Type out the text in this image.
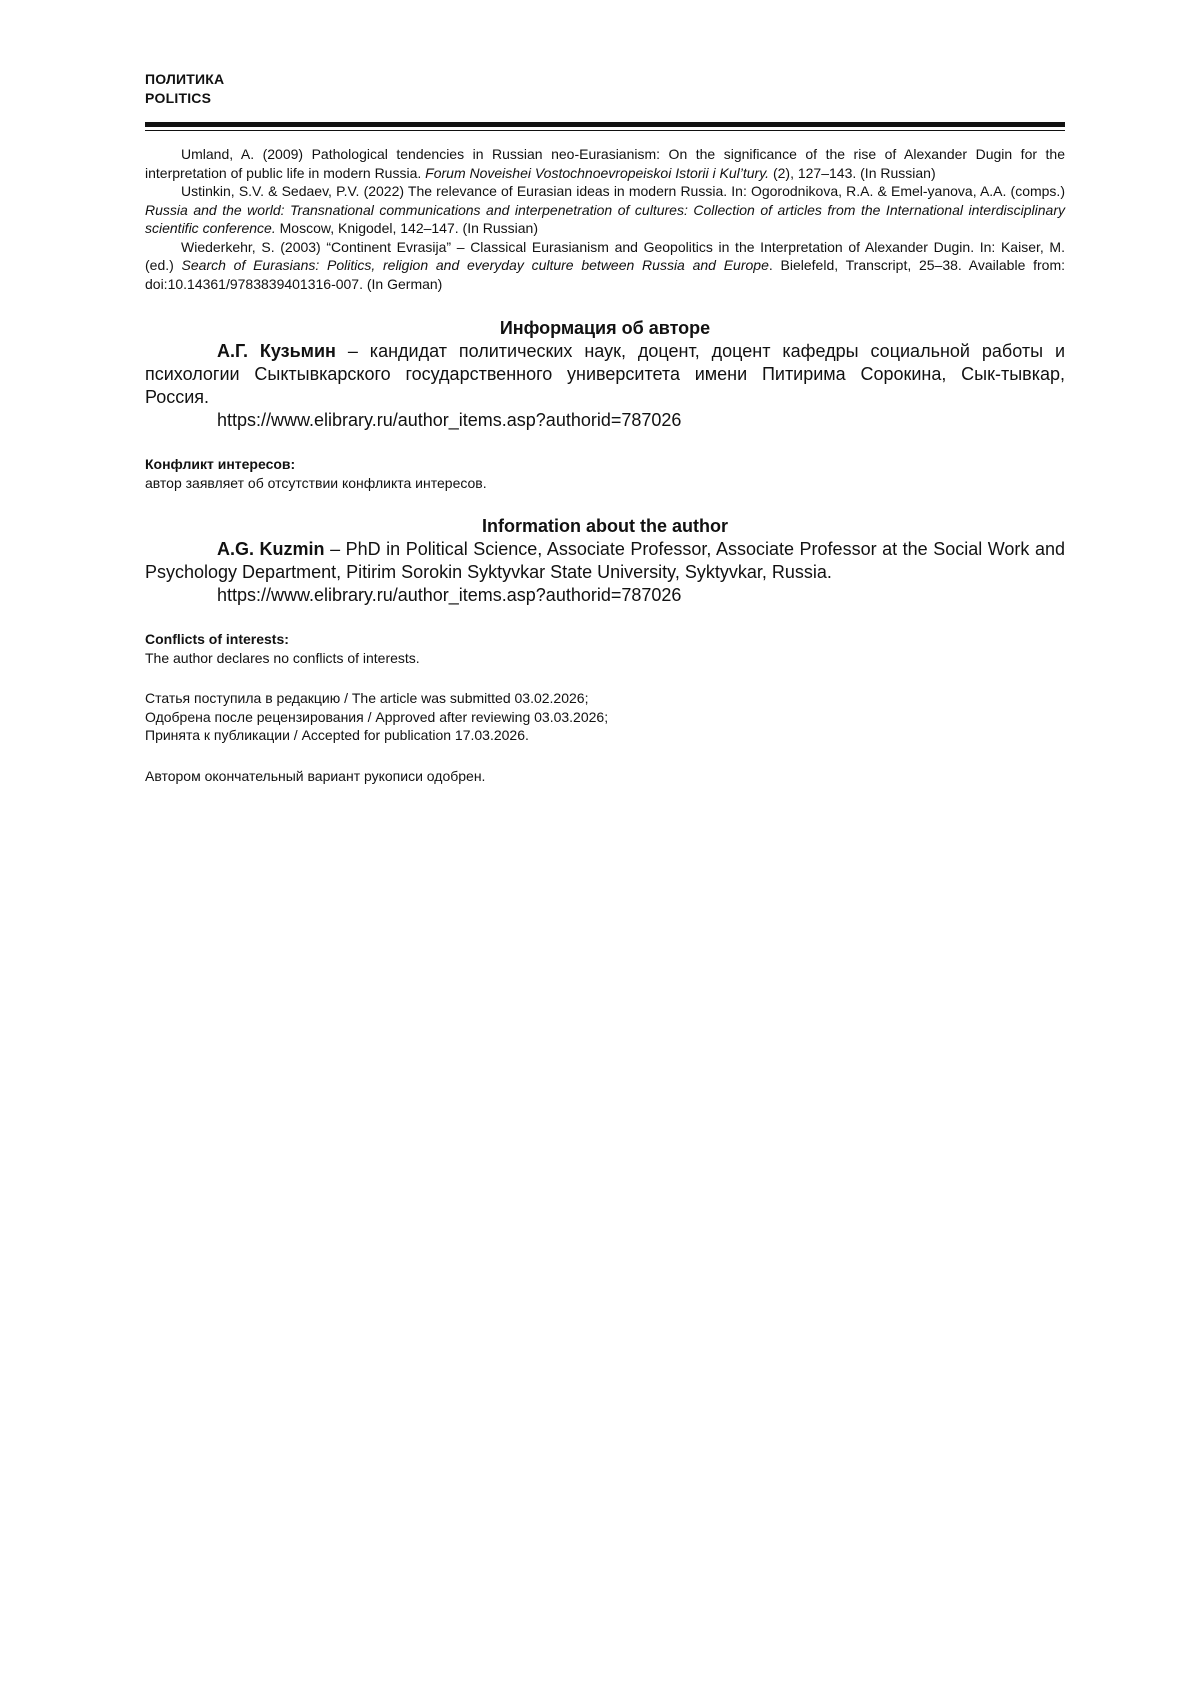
ПОЛИТИКА
POLITICS

Umland, A. (2009) Pathological tendencies in Russian neo-Eurasianism: On the significance of the rise of Alexander Dugin for the interpretation of public life in modern Russia. Forum Noveishei Vostochnoevropeiskoi Istorii i Kul’tury. (2), 127–143. (In Russian)

Ustinkin, S.V. & Sedaev, P.V. (2022) The relevance of Eurasian ideas in modern Russia. In: Ogorodnikova, R.A. & Emel-yanova, A.A. (comps.) Russia and the world: Transnational communications and interpenetration of cultures: Collection of articles from the International interdisciplinary scientific conference. Moscow, Knigodel, 142–147. (In Russian)

Wiederkehr, S. (2003) “Continent Evrasija” – Classical Eurasianism and Geopolitics in the Interpretation of Alexander Dugin. In: Kaiser, M. (ed.) Search of Eurasians: Politics, religion and everyday culture between Russia and Europe. Bielefeld, Transcript, 25–38. Available from: doi:10.14361/9783839401316-007. (In German)

Информация об авторе

А.Г. Кузьмин – кандидат политических наук, доцент, доцент кафедры социальной работы и психологии Сыктывкарского государственного университета имени Питирима Сорокина, Сык-тывкар, Россия.

https://www.elibrary.ru/author_items.asp?authorid=787026

Конфликт интересов:

автор заявляет об отсутствии конфликта интересов.

Information about the author

A.G. Kuzmin – PhD in Political Science, Associate Professor, Associate Professor at the Social Work and Psychology Department, Pitirim Sorokin Syktyvkar State University, Syktyvkar, Russia.

https://www.elibrary.ru/author_items.asp?authorid=787026

Conflicts of interests:

The author declares no conflicts of interests.

Статья поступила в редакцию / The article was submitted 03.02.2026;

Одобрена после рецензирования / Approved after reviewing 03.03.2026;

Принята к публикации / Accepted for publication 17.03.2026.

Автором окончательный вариант рукописи одобрен.
